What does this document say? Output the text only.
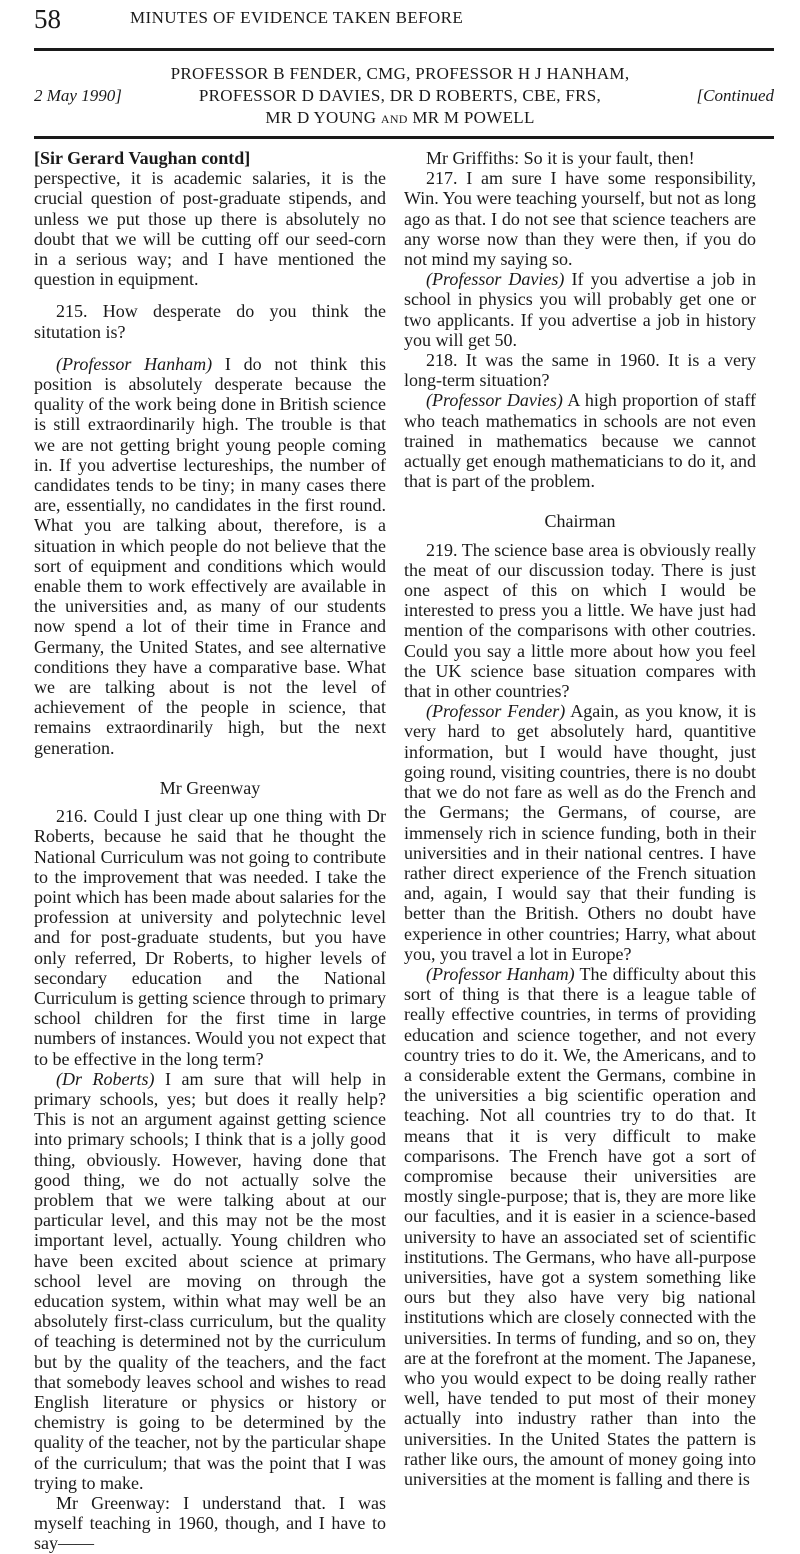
58	MINUTES OF EVIDENCE TAKEN BEFORE
PROFESSOR B FENDER, CMG, PROFESSOR H J HANHAM,
PROFESSOR D DAVIES, DR D ROBERTS, CBE, FRS,
MR D YOUNG and MR M POWELL
2 May 1990]	[Continued

[Sir Gerard Vaughan contd]

perspective, it is academic salaries, it is the crucial question of post-graduate stipends, and unless we put those up there is absolutely no doubt that we will be cutting off our seed-corn in a serious way; and I have mentioned the question in equipment.

215. How desperate do you think the situtation is?

(Professor Hanham) I do not think this position is absolutely desperate because the quality of the work being done in British science is still extraordinarily high. The trouble is that we are not getting bright young people coming in. If you advertise lectureships, the number of candidates tends to be tiny; in many cases there are, essentially, no candidates in the first round. What you are talking about, therefore, is a situation in which people do not believe that the sort of equipment and conditions which would enable them to work effectively are available in the universities and, as many of our students now spend a lot of their time in France and Germany, the United States, and see alternative conditions they have a comparative base. What we are talking about is not the level of achievement of the people in science, that remains extraordinarily high, but the next generation.

Mr Greenway

216. Could I just clear up one thing with Dr Roberts, because he said that he thought the National Curriculum was not going to contribute to the improvement that was needed. I take the point which has been made about salaries for the profession at university and polytechnic level and for post-graduate students, but you have only referred, Dr Roberts, to higher levels of secondary education and the National Curriculum is getting science through to primary school children for the first time in large numbers of instances. Would you not expect that to be effective in the long term?

(Dr Roberts) I am sure that will help in primary schools, yes; but does it really help? This is not an argument against getting science into primary schools; I think that is a jolly good thing, obviously. However, having done that good thing, we do not actually solve the problem that we were talking about at our particular level, and this may not be the most important level, actually. Young children who have been excited about science at primary school level are moving on through the education system, within what may well be an absolutely first-class curriculum, but the quality of teaching is determined not by the curriculum but by the quality of the teachers, and the fact that somebody leaves school and wishes to read English literature or physics or history or chemistry is going to be determined by the quality of the teacher, not by the particular shape of the curriculum; that was the point that I was trying to make.

Mr Greenway: I understand that. I was myself teaching in 1960, though, and I have to say——

Mr Griffiths: So it is your fault, then!

217. I am sure I have some responsibility, Win. You were teaching yourself, but not as long ago as that. I do not see that science teachers are any worse now than they were then, if you do not mind my saying so.

(Professor Davies) If you advertise a job in school in physics you will probably get one or two applicants. If you advertise a job in history you will get 50.

218. It was the same in 1960. It is a very long-term situation?

(Professor Davies) A high proportion of staff who teach mathematics in schools are not even trained in mathematics because we cannot actually get enough mathematicians to do it, and that is part of the problem.

Chairman

219. The science base area is obviously really the meat of our discussion today. There is just one aspect of this on which I would be interested to press you a little. We have just had mention of the comparisons with other coutries. Could you say a little more about how you feel the UK science base situation compares with that in other countries?

(Professor Fender) Again, as you know, it is very hard to get absolutely hard, quantitive information, but I would have thought, just going round, visiting countries, there is no doubt that we do not fare as well as do the French and the Germans; the Germans, of course, are immensely rich in science funding, both in their universities and in their national centres. I have rather direct experience of the French situation and, again, I would say that their funding is better than the British. Others no doubt have experience in other countries; Harry, what about you, you travel a lot in Europe?

(Professor Hanham) The difficulty about this sort of thing is that there is a league table of really effective countries, in terms of providing education and science together, and not every country tries to do it. We, the Americans, and to a considerable extent the Germans, combine in the universities a big scientific operation and teaching. Not all countries try to do that. It means that it is very difficult to make comparisons. The French have got a sort of compromise because their universities are mostly single-purpose; that is, they are more like our faculties, and it is easier in a science-based university to have an associated set of scientific institutions. The Germans, who have all-purpose universities, have got a system something like ours but they also have very big national institutions which are closely connected with the universities. In terms of funding, and so on, they are at the forefront at the moment. The Japanese, who you would expect to be doing really rather well, have tended to put most of their money actually into industry rather than into the universities. In the United States the pattern is rather like ours, the amount of money going into universities at the moment is falling and there is
